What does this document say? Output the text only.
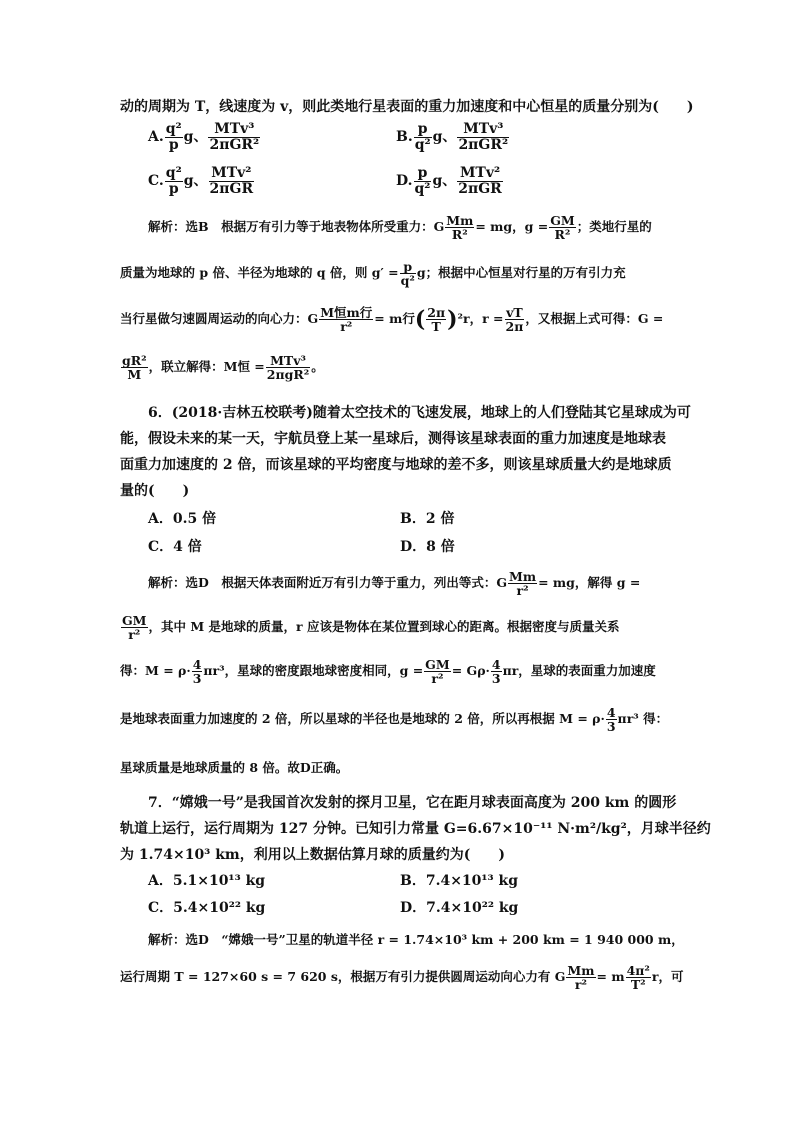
动的周期为 T，线速度为 v，则此类地行星表面的重力加速度和中心恒星的质量分别为(　　)
A. $\frac{\text{q²}}{p}$ g、 $\frac{\text{MTv³}}{\text{2πGR²}}$	B. $\frac{p}{\text{q²}}$ g、 $\frac{\text{MTv³}}{\text{2πGR²}}$
C. $\frac{\text{q²}}{p}$ g、 $\frac{\text{MTv²}}{\text{2πGR}}$	D. $\frac{p}{\text{q²}}$ g、 $\frac{\text{MTv²}}{\text{2πGR}}$
解析：选B　根据万有引力等于地表物体所受重力：G $\frac{Mm}{\text{R²}}$ = mg，$g = \frac{GM}{\text{R²}}$ ；类地行星的
质量为地球的 p 倍、半径为地球的 q 倍，则 $g' = \frac{p}{\text{q²}}$ g；根据中心恒星对行星的万有引力充
当行星做匀速圆周运动的向心力：G $\frac{\text{M恒m行}}{\text{r²}} = m$行( $\frac{2\pi}{T} )^2r$，$r = \frac{vT}{2\pi}$ ，又根据上式可得：G =
$\frac{\text{gR²}}{M}$ ，联立解得：M恒 = $\frac{\text{MTv³}}{\text{2πgR²}}$ 。
6．(2018·吉林五校联考)随着太空技术的飞速发展，地球上的人们登陆其它星球成为可
能，假设未来的某一天，宇航员登上某一星球后，测得该星球表面的重力加速度是地球表
面重力加速度的 2 倍，而该星球的平均密度与地球的差不多，则该星球质量大约是地球质
量的(　　)
A．0.5 倍	B．2 倍
C．4 倍	D．8 倍
解析：选D　根据天体表面附近万有引力等于重力，列出等式：G $\frac{Mm}{\text{r²}}$ = mg，解得 g =
$\frac{GM}{\text{r²}}$ ，其中 M 是地球的质量，r 应该是物体在某位置到球心的距离。根据密度与质量关系
得：$M = \rho\cdot \frac{4}{3} \pi r^3$，星球的密度跟地球密度相同，$g = \frac{GM}{\text{r²}} = G\rho\cdot \frac{4}{3}$ πr，星球的表面重力加速度
是地球表面重力加速度的 2 倍，所以星球的半径也是地球的 2 倍，所以再根据 $M = \rho\cdot \frac{4}{3} \pi r^3$ 得：
星球质量是地球质量的 8 倍。故D正确。
7．“嫦娥一号”是我国首次发射的探月卫星，它在距月球表面高度为 200 km 的圆形
轨道上运行，运行周期为 127 分钟。已知引力常量 G=6.67×10⁻¹¹ N·m²/kg²，月球半径约
为 1.74×10³ km，利用以上数据估算月球的质量约为(　　)
A．5.1×10¹³ kg	B．7.4×10¹³ kg
C．5.4×10²² kg	D．7.4×10²² kg
解析：选D　“嫦娥一号”卫星的轨道半径 r = 1.74×10³ km + 200 km = 1 940 000 m，
运行周期 T = 127×60 s = 7 620 s，根据万有引力提供圆周运动向心力有 G $\frac{Mm}{\text{r²}} = m \frac{\text{4π²}}{\text{T²}}$ r，可
